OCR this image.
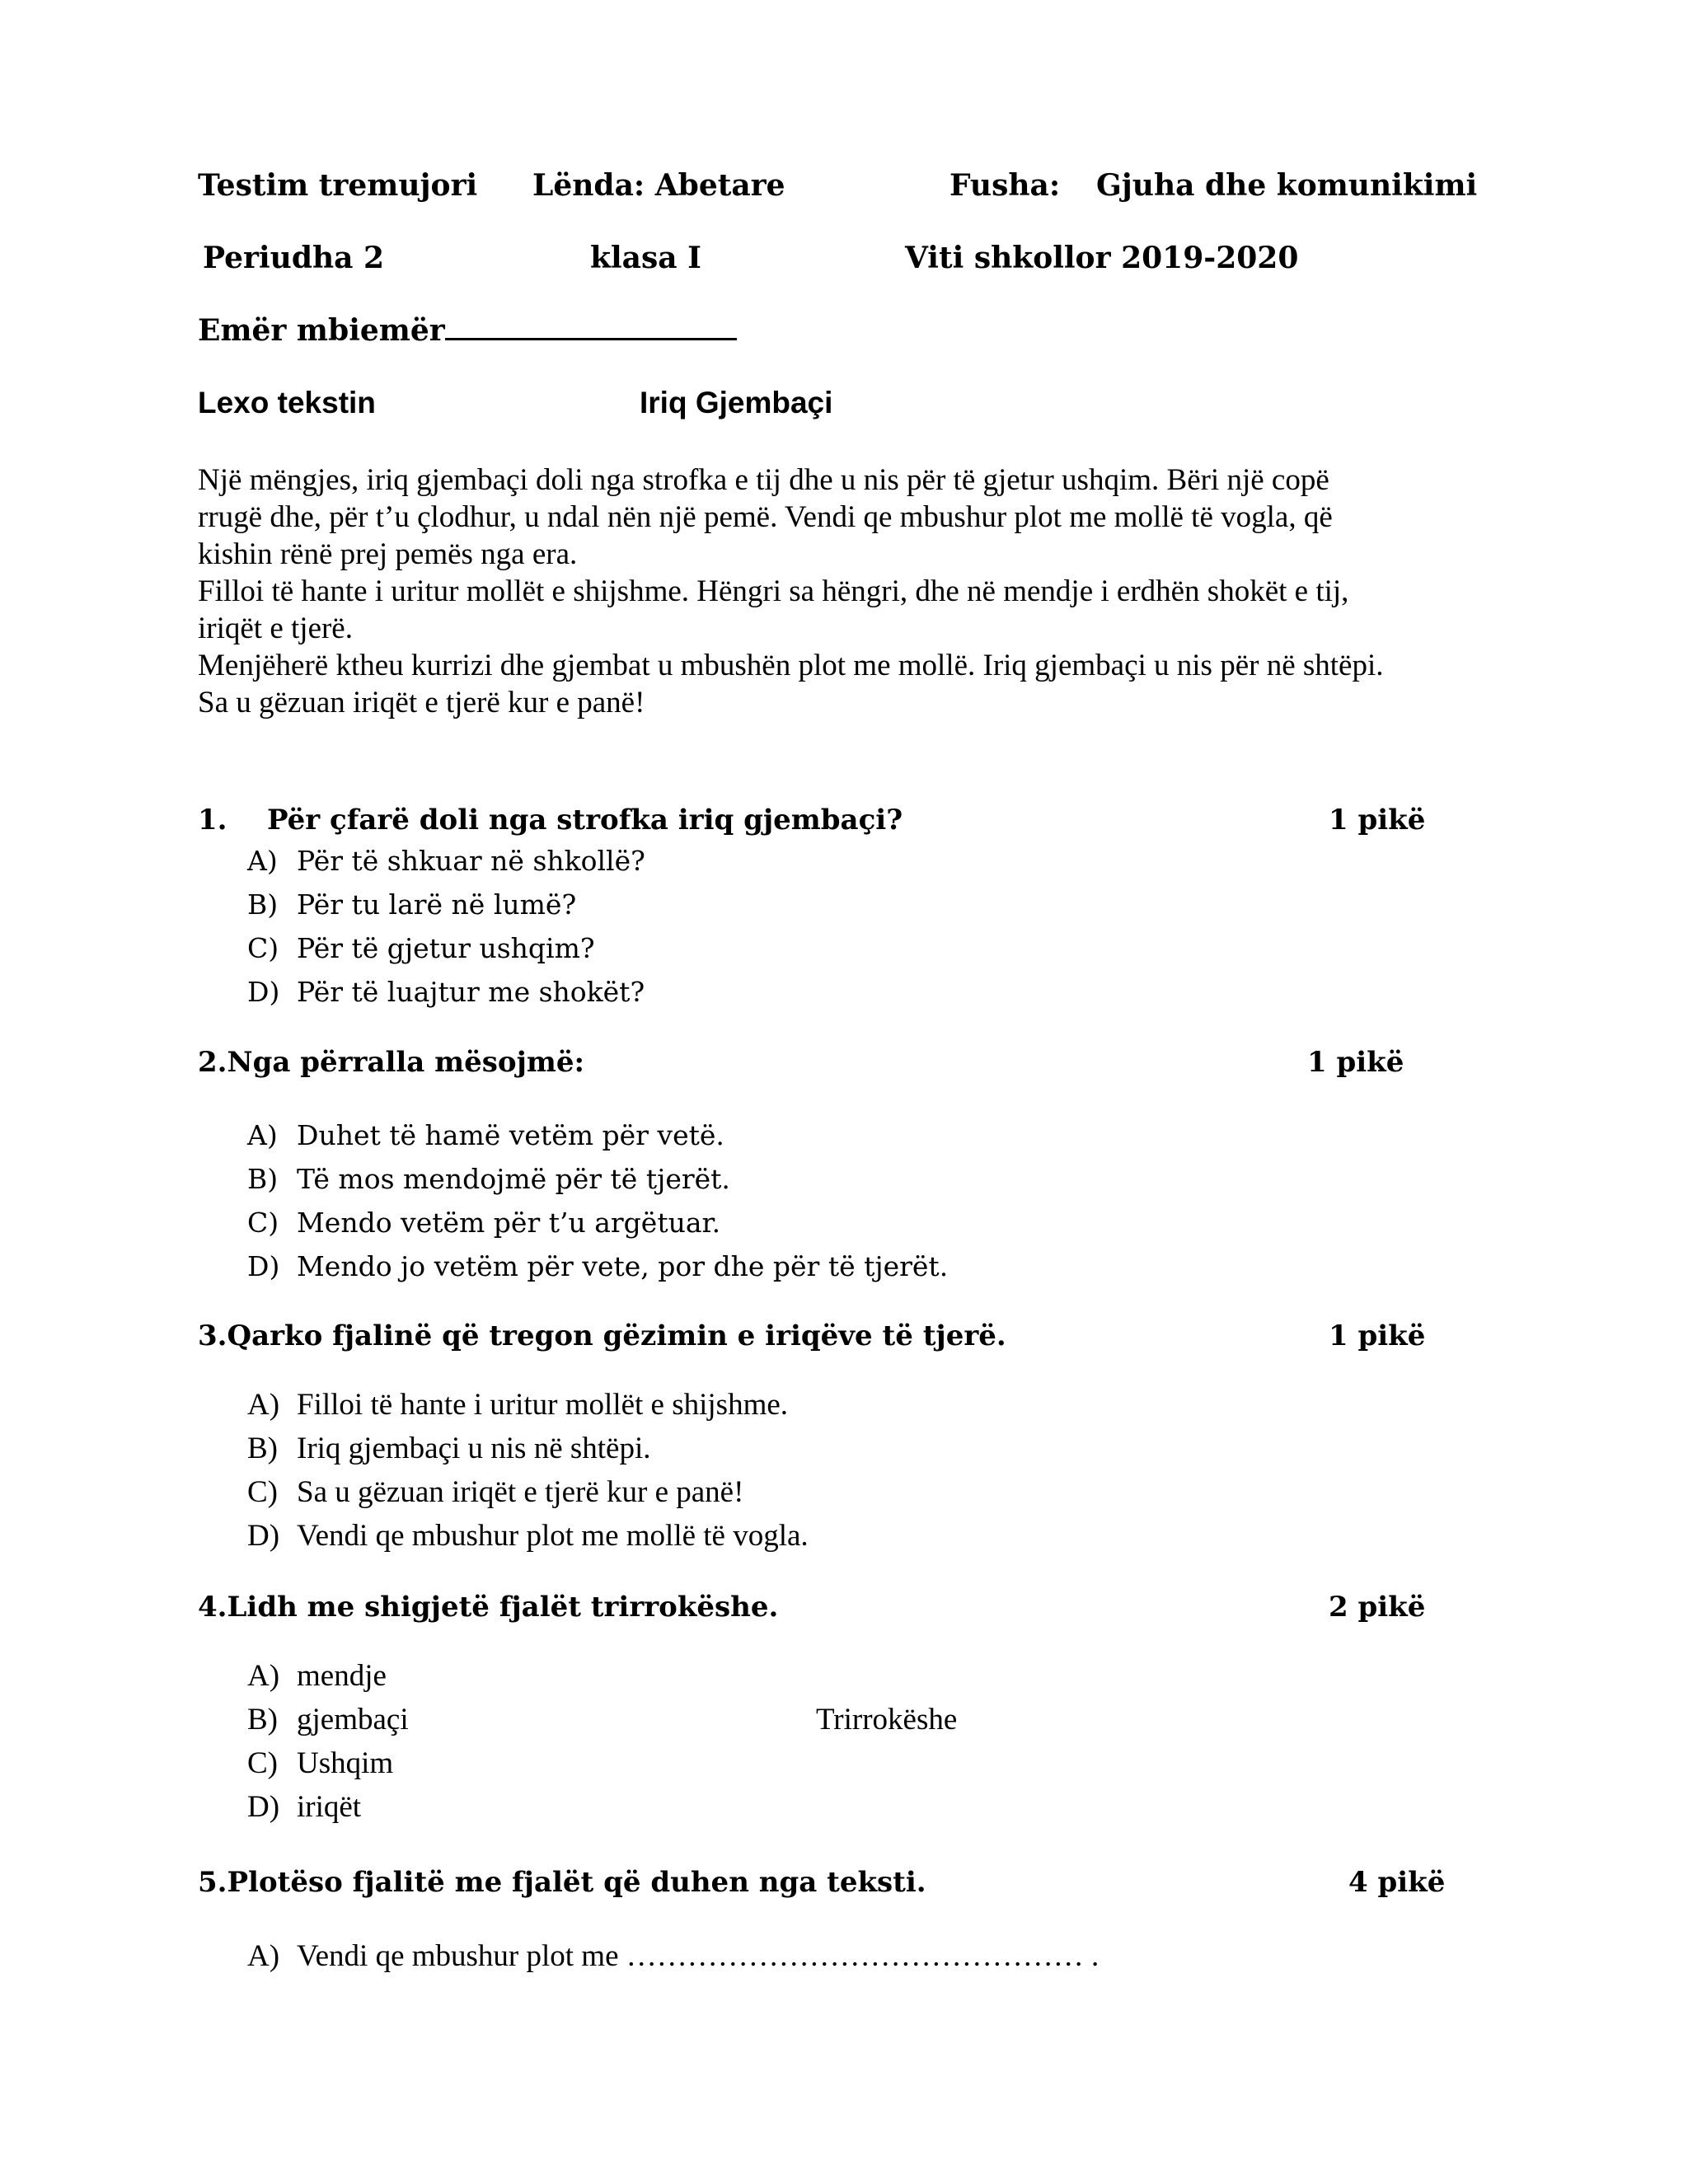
Testim tremujori Lënda: Abetare	Fusha: Gjuha dhe komunikimi
Periudha 2	klasa I	Viti shkollor 2019-2020
Emër mbiemër
Lexo tekstin	Iriq Gjembaçi
Një mëngjes, iriq gjembaçi doli nga strofka e tij dhe u nis për të gjetur ushqim. Bëri një copë
rrugë dhe, për t’u çlodhur, u ndal nën një pemë. Vendi qe mbushur plot me mollë të vogla, që
kishin rënë prej pemës nga era.
Filloi të hante i uritur mollët e shijshme. Hëngri sa hëngri, dhe në mendje i erdhën shokët e tij,
iriqët e tjerë.
Menjëherë ktheu kurrizi dhe gjembat u mbushën plot me mollë. Iriq gjembaçi u nis për në shtëpi.
Sa u gëzuan iriqët e tjerë kur e panë!
1. Për çfarë doli nga strofka iriq gjembaçi?	1 pikë
A) Për të shkuar në shkollë?
B) Për tu larë në lumë?
C) Për të gjetur ushqim?
D) Për të luajtur me shokët?
2.Nga përralla mësojmë:	1 pikë
A) Duhet të hamë vetëm për vetë.
B) Të mos mendojmë për të tjerët.
C) Mendo vetëm për t’u argëtuar.
D) Mendo jo vetëm për vete, por dhe për të tjerët.
3.Qarko fjalinë që tregon gëzimin e iriqëve të tjerë.	1 pikë
A) Filloi të hante i uritur mollët e shijshme.
B) Iriq gjembaçi u nis në shtëpi.
C) Sa u gëzuan iriqët e tjerë kur e panë!
D) Vendi qe mbushur plot me mollë të vogla.
4.Lidh me shigjetë fjalët trirrokëshe.	2 pikë
A) mendje
B) gjembaçi
C) Ushqim
D) iriqët
Trirrokëshe
5.Plotëso fjalitë me fjalët që duhen nga teksti.	4 pikë
A) Vendi qe mbushur plot me ……………………………………… .
